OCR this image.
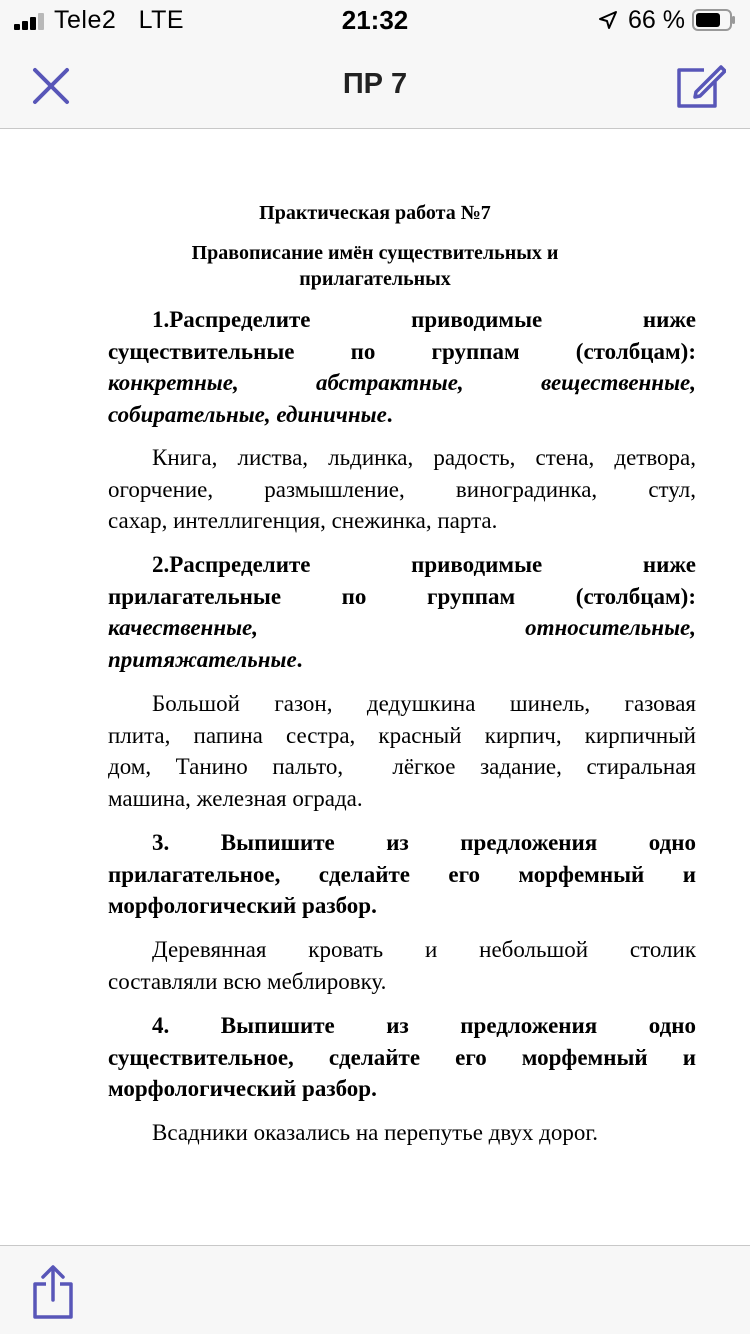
Tele2   LTE	21:32	66 %
ПР 7
Практическая работа №7
Правописание имён существительных и
прилагательных
1.Распределите приводимые ниже
существительные по группам (столбцам):
конкретные, абстрактные, вещественные,
собирательные, единичные.
Книга, листва, льдинка, радость, стена, детвора,
огорчение, размышление, виноградинка, стул,
сахар, интеллигенция, снежинка, парта.
2.Распределите приводимые ниже
прилагательные по группам (столбцам):
качественные, относительные,
притяжательные.
Большой газон, дедушкина шинель, газовая
плита, папина сестра, красный кирпич, кирпичный
дом, Танино пальто,  лёгкое задание, стиральная
машина, железная ограда.
3. Выпишите из предложения одно
прилагательное, сделайте его морфемный и
морфологический разбор.
Деревянная кровать и небольшой столик
составляли всю меблировку.
4. Выпишите из предложения одно
существительное, сделайте его морфемный и
морфологический разбор.
Всадники оказались на перепутье двух дорог.
